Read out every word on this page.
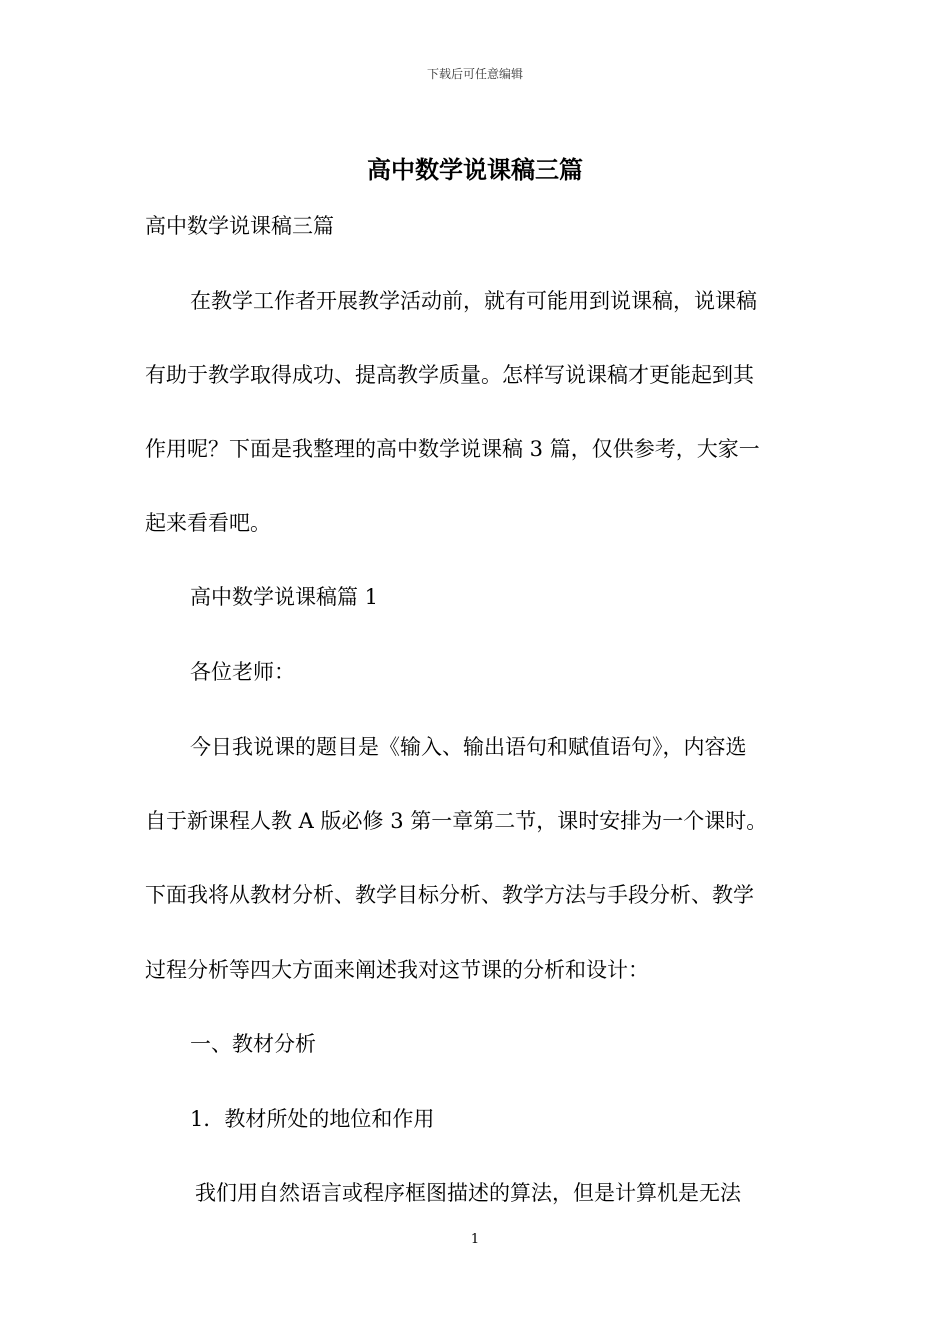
下载后可任意编辑
高中数学说课稿三篇

高中数学说课稿三篇

在教学工作者开展教学活动前，就有可能用到说课稿，说课稿

有助于教学取得成功、提高教学质量。怎样写说课稿才更能起到其

作用呢？下面是我整理的高中数学说课稿 3 篇，仅供参考，大家一

起来看看吧。

高中数学说课稿篇 1

各位老师：

今日我说课的题目是《输入、输出语句和赋值语句》，内容选

自于新课程人教 A 版必修 3 第一章第二节，课时安排为一个课时。

下面我将从教材分析、教学目标分析、教学方法与手段分析、教学

过程分析等四大方面来阐述我对这节课的分析和设计：

一、教材分析

1．教材所处的地位和作用

我们用自然语言或程序框图描述的算法，但是计算机是无法

1
